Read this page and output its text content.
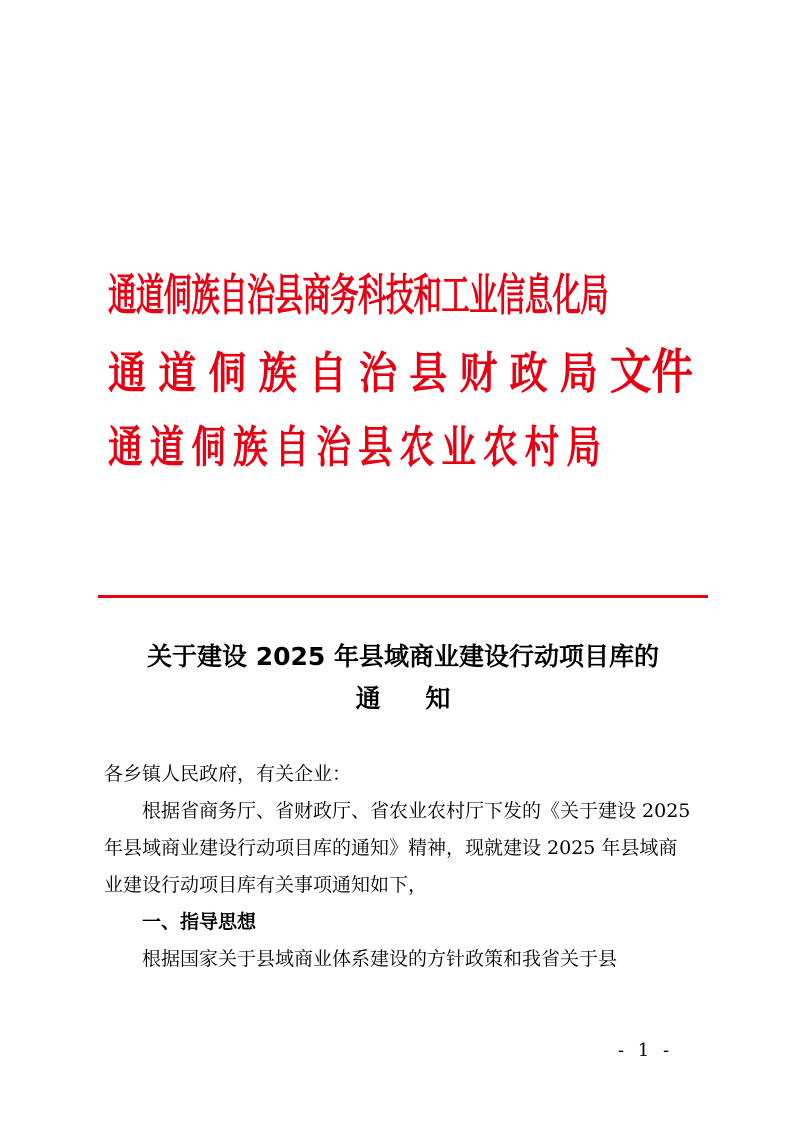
通道侗族自治县商务科技和工业信息化局
通道侗族自治县财政局文件
通道侗族自治县农业农村局
关于建设 2025 年县域商业建设行动项目库的
通 知

各乡镇人民政府，有关企业：

根据省商务厅、省财政厅、省农业农村厅下发的《关于建设 2025 年县域商业建设行动项目库的通知》精神，现就建设 2025 年县域商业建设行动项目库有关事项通知如下，

一、指导思想

根据国家关于县域商业体系建设的方针政策和我省关于县

- 1 -
